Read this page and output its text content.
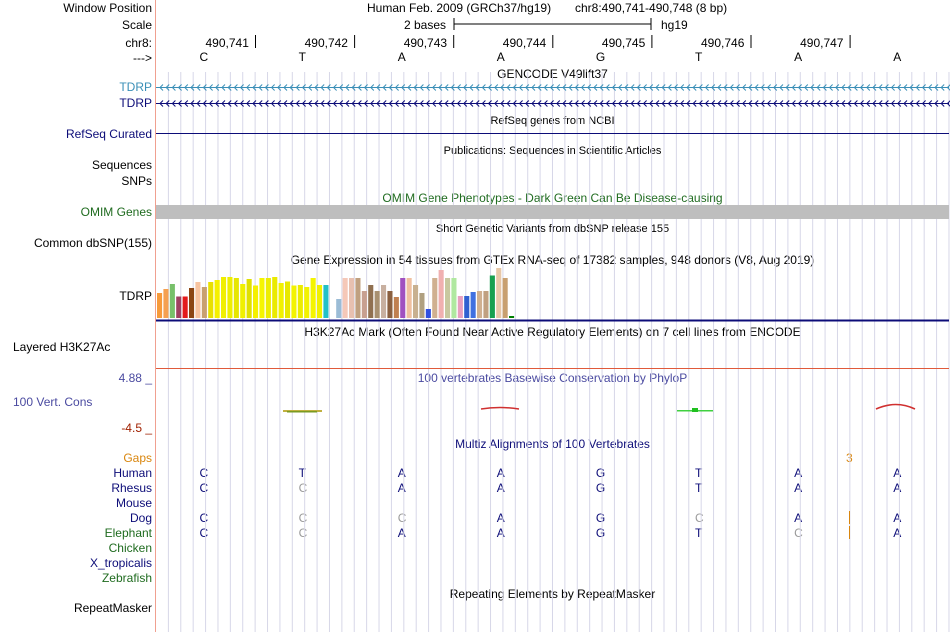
Window Position	Human Feb. 2009 (GRCh37/hg19) chr8:490,741-490,748 (8 bp)
Scale	2 bases	hg19
chr8:
--->
490,741	490,742	490,743	490,744	490,745	490,746	490,747
C	T	A	A	G	T	A	A
GENCODE V49lift37
TDRP
TDRP
RefSeq genes from NCBI
RefSeq Curated
Publications: Sequences in Scientific Articles
Sequences
SNPs
OMIM Gene Phenotypes - Dark Green Can Be Disease-causing
OMIM Genes
Short Genetic Variants from dbSNP release 155
Common dbSNP(155)
Gene Expression in 54 tissues from GTEx RNA-seq of 17382 samples, 948 donors (V8, Aug 2019)
TDRP
H3K27Ac Mark (Often Found Near Active Regulatory Elements) on 7 cell lines from ENCODE
Layered H3K27Ac
100 vertebrates Basewise Conservation by PhyloP
4.88 _
100 Vert. Cons
-4.5 _
Multiz Alignments of 100 Vertebrates
Gaps	3
Human	C	T	A	A	G	T	A	A
Rhesus	C	C	A	A	G	T	A	A
Mouse
Dog	C	C	C	A	G	C	A	A
Elephant	C	C	A	A	G	T	C	A
Chicken
X_tropicalis
Zebrafish
Repeating Elements by RepeatMasker
RepeatMasker
